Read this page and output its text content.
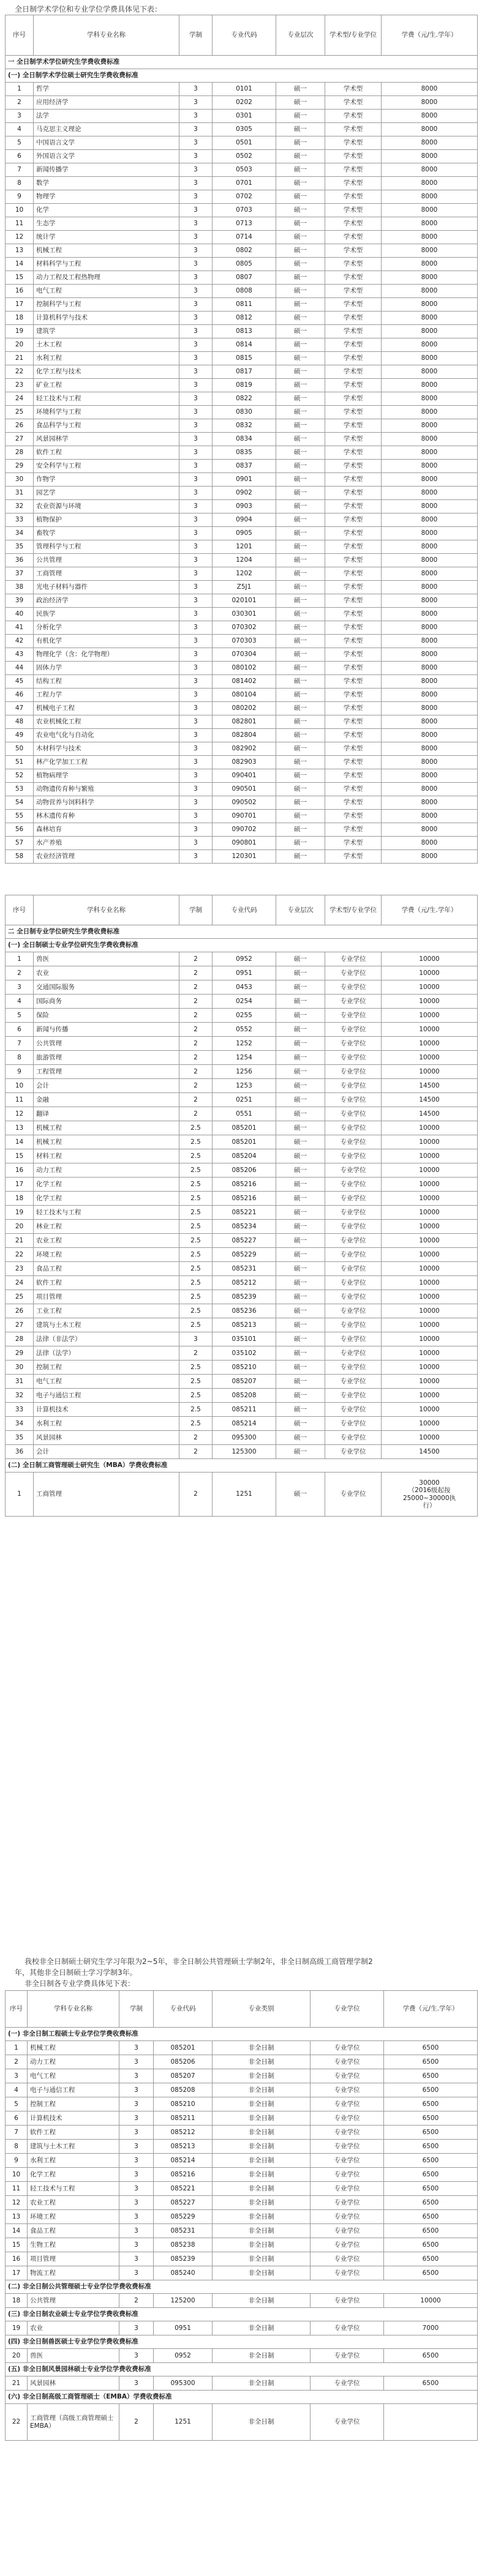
全日制学术学位和专业学位学费具体见下表：
序号	学科专业名称	学制	专业代码	专业层次	学术型/专业学位	学费（元/生.学年）
一 全日制学术学位研究生学费收费标准						
(一) 全日制学术学位硕士研究生学费收费标准						
1	哲学	3	0101	硕一	学术型	8000
2	应用经济学	3	0202	硕一	学术型	8000
3	法学	3	0301	硕一	学术型	8000
4	马克思主义理论	3	0305	硕一	学术型	8000
5	中国语言文学	3	0501	硕一	学术型	8000
6	外国语言文学	3	0502	硕一	学术型	8000
7	新闻传播学	3	0503	硕一	学术型	8000
8	数学	3	0701	硕一	学术型	8000
9	物理学	3	0702	硕一	学术型	8000
10	化学	3	0703	硕一	学术型	8000
11	生态学	3	0713	硕一	学术型	8000
12	统计学	3	0714	硕一	学术型	8000
13	机械工程	3	0802	硕一	学术型	8000
14	材料科学与工程	3	0805	硕一	学术型	8000
15	动力工程及工程热物理	3	0807	硕一	学术型	8000
16	电气工程	3	0808	硕一	学术型	8000
17	控制科学与工程	3	0811	硕一	学术型	8000
18	计算机科学与技术	3	0812	硕一	学术型	8000
19	建筑学	3	0813	硕一	学术型	8000
20	土木工程	3	0814	硕一	学术型	8000
21	水利工程	3	0815	硕一	学术型	8000
22	化学工程与技术	3	0817	硕一	学术型	8000
23	矿业工程	3	0819	硕一	学术型	8000
24	轻工技术与工程	3	0822	硕一	学术型	8000
25	环境科学与工程	3	0830	硕一	学术型	8000
26	食品科学与工程	3	0832	硕一	学术型	8000
27	风景园林学	3	0834	硕一	学术型	8000
28	软件工程	3	0835	硕一	学术型	8000
29	安全科学与工程	3	0837	硕一	学术型	8000
30	作物学	3	0901	硕一	学术型	8000
31	园艺学	3	0902	硕一	学术型	8000
32	农业资源与环境	3	0903	硕一	学术型	8000
33	植物保护	3	0904	硕一	学术型	8000
34	畜牧学	3	0905	硕一	学术型	8000
35	管理科学与工程	3	1201	硕一	学术型	8000
36	公共管理	3	1204	硕一	学术型	8000
37	工商管理	3	1202	硕一	学术型	8000
38	光电子材料与器件	3	Z5J1	硕一	学术型	8000
39	政治经济学	3	020101	硕一	学术型	8000
40	民族学	3	030301	硕一	学术型	8000
41	分析化学	3	070302	硕一	学术型	8000
42	有机化学	3	070303	硕一	学术型	8000
43	物理化学（含：化学物理）	3	070304	硕一	学术型	8000
44	固体力学	3	080102	硕一	学术型	8000
45	结构工程	3	081402	硕一	学术型	8000
46	工程力学	3	080104	硕一	学术型	8000
47	机械电子工程	3	080202	硕一	学术型	8000
48	农业机械化工程	3	082801	硕一	学术型	8000
49	农业电气化与自动化	3	082804	硕一	学术型	8000
50	木材科学与技术	3	082902	硕一	学术型	8000
51	林产化学加工工程	3	082903	硕一	学术型	8000
52	植物病理学	3	090401	硕一	学术型	8000
53	动物遗传育种与繁殖	3	090501	硕一	学术型	8000
54	动物营养与饲料科学	3	090502	硕一	学术型	8000
55	林木遗传育种	3	090701	硕一	学术型	8000
56	森林培育	3	090702	硕一	学术型	8000
57	水产养殖	3	090801	硕一	学术型	8000
58	农业经济管理	3	120301	硕一	学术型	8000
序号	学科专业名称	学制	专业代码	专业层次	学术型/专业学位	学费（元/生.学年）
二 全日制专业学位研究生学费收费标准						
(一) 全日制硕士专业学位研究生学费收费标准						
1	兽医	2	0952	硕一	专业学位	10000
2	农业	2	0951	硕一	专业学位	10000
3	交通国际服务	2	0453	硕一	专业学位	10000
4	国际商务	2	0254	硕一	专业学位	10000
5	保险	2	0255	硕一	专业学位	10000
6	新闻与传播	2	0552	硕一	专业学位	10000
7	公共管理	2	1252	硕一	专业学位	10000
8	旅游管理	2	1254	硕一	专业学位	10000
9	工程管理	2	1256	硕一	专业学位	10000
10	会计	2	1253	硕一	专业学位	14500
11	金融	2	0251	硕一	专业学位	14500
12	翻译	2	0551	硕一	专业学位	14500
13	机械工程	2.5	085201	硕一	专业学位	10000
14	机械工程	2.5	085201	硕一	专业学位	10000
15	材料工程	2.5	085204	硕一	专业学位	10000
16	动力工程	2.5	085206	硕一	专业学位	10000
17	化学工程	2.5	085216	硕一	专业学位	10000
18	化学工程	2.5	085216	硕一	专业学位	10000
19	轻工技术与工程	2.5	085221	硕一	专业学位	10000
20	林业工程	2.5	085234	硕一	专业学位	10000
21	农业工程	2.5	085227	硕一	专业学位	10000
22	环境工程	2.5	085229	硕一	专业学位	10000
23	食品工程	2.5	085231	硕一	专业学位	10000
24	软件工程	2.5	085212	硕一	专业学位	10000
25	项目管理	2.5	085239	硕一	专业学位	10000
26	工业工程	2.5	085236	硕一	专业学位	10000
27	建筑与土木工程	2.5	085213	硕一	专业学位	10000
28	法律（非法学）	3	035101	硕一	专业学位	10000
29	法律（法学）	2	035102	硕一	专业学位	10000
30	控制工程	2.5	085210	硕一	专业学位	10000
31	电气工程	2.5	085207	硕一	专业学位	10000
32	电子与通信工程	2.5	085208	硕一	专业学位	10000
33	计算机技术	2.5	085211	硕一	专业学位	10000
34	水利工程	2.5	085214	硕一	专业学位	10000
35	风景园林	2	095300	硕一	专业学位	10000
36	会计	2	125300	硕一	专业学位	14500
(二) 全日制工商管理硕士研究生（MBA）学费收费标准						
1	工商管理	2	1251	硕一	专业学位	30000
（2016级起按
25000~30000执
行）
我校非全日制硕士研究生学习年限为2~5年，非全日制公共管理硕士学制2年，非全日制高级工商管理学制2
年，其他非全日制硕士学习学制3年。
非全日制各专业学费具体见下表：
序号	学科专业名称	学制	专业代码	专业类别	专业学位	学费（元/生.学年）
(一) 非全日制工程硕士专业学位学费收费标准						
1	机械工程	3	085201	非全日制	专业学位	6500
2	动力工程	3	085206	非全日制	专业学位	6500
3	电气工程	3	085207	非全日制	专业学位	6500
4	电子与通信工程	3	085208	非全日制	专业学位	6500
5	控制工程	3	085210	非全日制	专业学位	6500
6	计算机技术	3	085211	非全日制	专业学位	6500
7	软件工程	3	085212	非全日制	专业学位	6500
8	建筑与土木工程	3	085213	非全日制	专业学位	6500
9	水利工程	3	085214	非全日制	专业学位	6500
10	化学工程	3	085216	非全日制	专业学位	6500
11	轻工技术与工程	3	085221	非全日制	专业学位	6500
12	农业工程	3	085227	非全日制	专业学位	6500
13	环境工程	3	085229	非全日制	专业学位	6500
14	食品工程	3	085231	非全日制	专业学位	6500
15	生物工程	3	085238	非全日制	专业学位	6500
16	项目管理	3	085239	非全日制	专业学位	6500
17	物流工程	3	085240	非全日制	专业学位	6500
(二) 非全日制公共管理硕士专业学位学费收费标准						
18	公共管理	2	125200	非全日制	专业学位	10000
(三) 非全日制农业硕士专业学位学费收费标准						
19	农业	3	0951	非全日制	专业学位	7000
(四) 非全日制兽医硕士专业学位学费收费标准						
20	兽医	3	0952	非全日制	专业学位	6500
(五) 非全日制风景园林硕士专业学位学费收费标准						
21	风景园林	3	095300	非全日制	专业学位	6500
(六) 非全日制高级工商管理硕士（EMBA）学费收费标准						
22	工商管理（高级工商管理硕士EMBA）	2	1251	非全日制	专业学位	
